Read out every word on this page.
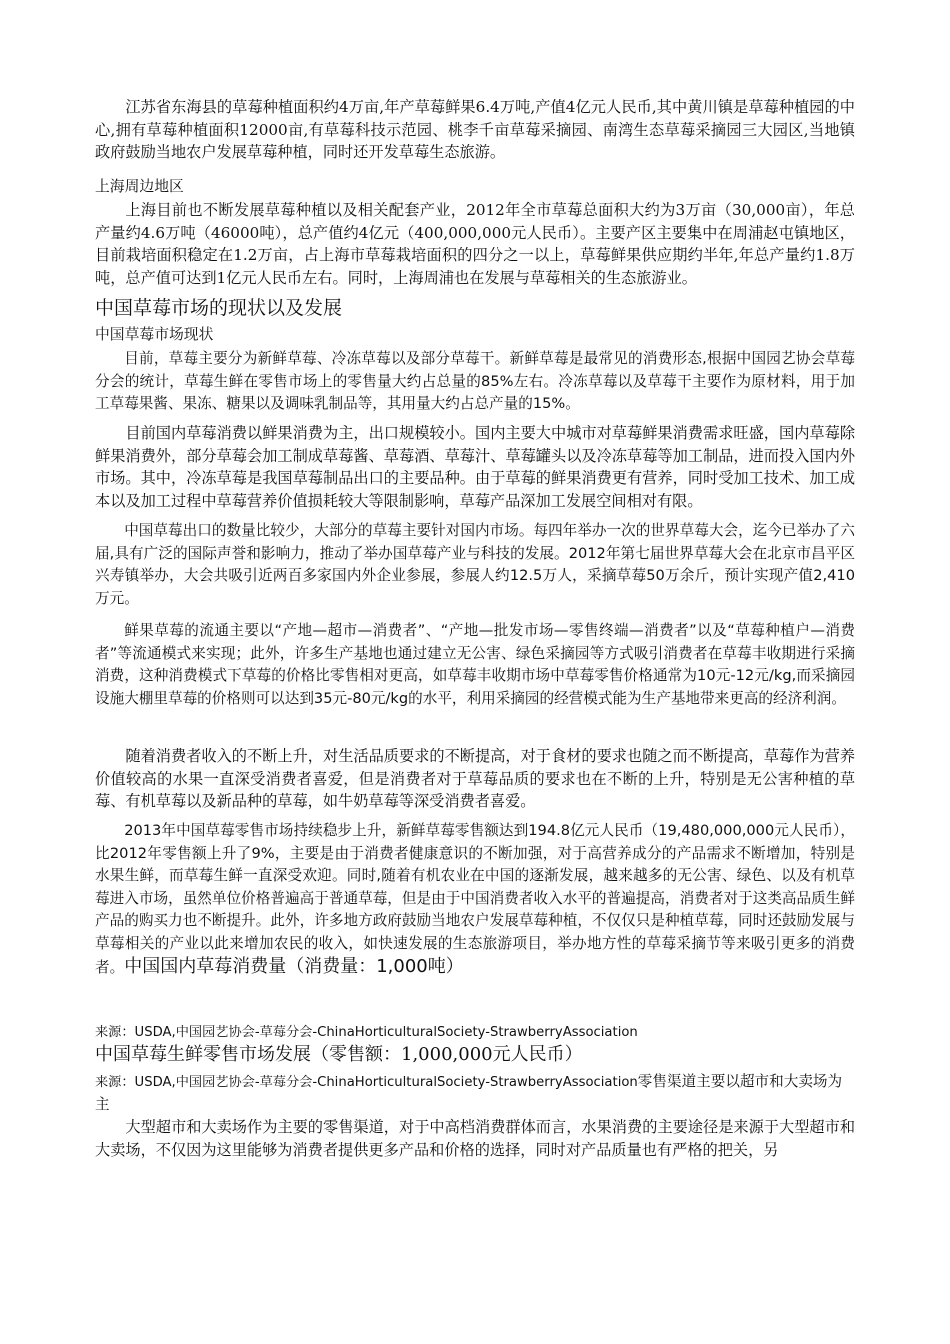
江苏省东海县的草莓种植面积约4万亩,年产草莓鲜果6.4万吨,产值4亿元人民币,其中黄川镇是草莓种植园的中心,拥有草莓种植面积12000亩,有草莓科技示范园、桃李千亩草莓采摘园、南湾生态草莓采摘园三大园区,当地镇政府鼓励当地农户发展草莓种植，同时还开发草莓生态旅游。

上海周边地区

上海目前也不断发展草莓种植以及相关配套产业，2012年全市草莓总面积大约为3万亩（30,000亩），年总产量约4.6万吨（46000吨），总产值约4亿元（400,000,000元人民币）。主要产区主要集中在周浦赵屯镇地区，目前栽培面积稳定在1.2万亩，占上海市草莓栽培面积的四分之一以上，草莓鲜果供应期约半年,年总产量约1.8万吨，总产值可达到1亿元人民币左右。同时，上海周浦也在发展与草莓相关的生态旅游业。

中国草莓市场的现状以及发展

中国草莓市场现状

目前，草莓主要分为新鲜草莓、冷冻草莓以及部分草莓干。新鲜草莓是最常见的消费形态,根据中国园艺协会草莓分会的统计，草莓生鲜在零售市场上的零售量大约占总量的85%左右。冷冻草莓以及草莓干主要作为原材料，用于加工草莓果酱、果冻、糖果以及调味乳制品等，其用量大约占总产量的15%。

目前国内草莓消费以鲜果消费为主，出口规模较小。国内主要大中城市对草莓鲜果消费需求旺盛，国内草莓除鲜果消费外，部分草莓会加工制成草莓酱、草莓酒、草莓汁、草莓罐头以及冷冻草莓等加工制品，进而投入国内外市场。其中，冷冻草莓是我国草莓制品出口的主要品种。由于草莓的鲜果消费更有营养，同时受加工技术、加工成本以及加工过程中草莓营养价值损耗较大等限制影响，草莓产品深加工发展空间相对有限。

中国草莓出口的数量比较少，大部分的草莓主要针对国内市场。每四年举办一次的世界草莓大会，迄今已举办了六届,具有广泛的国际声誉和影响力，推动了举办国草莓产业与科技的发展。2012年第七届世界草莓大会在北京市昌平区兴寿镇举办，大会共吸引近两百多家国内外企业参展，参展人约12.5万人，采摘草莓50万余斤，预计实现产值2,410万元。

鲜果草莓的流通主要以“产地—超市—消费者”、“产地—批发市场—零售终端—消费者”以及“草莓种植户—消费者”等流通模式来实现；此外，许多生产基地也通过建立无公害、绿色采摘园等方式吸引消费者在草莓丰收期进行采摘消费，这种消费模式下草莓的价格比零售相对更高，如草莓丰收期市场中草莓零售价格通常为10元-12元/kg,而采摘园设施大棚里草莓的价格则可以达到35元-80元/kg的水平，利用采摘园的经营模式能为生产基地带来更高的经济利润。

随着消费者收入的不断上升，对生活品质要求的不断提高，对于食材的要求也随之而不断提高，草莓作为营养价值较高的水果一直深受消费者喜爱，但是消费者对于草莓品质的要求也在不断的上升，特别是无公害种植的草莓、有机草莓以及新品种的草莓，如牛奶草莓等深受消费者喜爱。

2013年中国草莓零售市场持续稳步上升，新鲜草莓零售额达到194.8亿元人民币（19,480,000,000元人民币），比2012年零售额上升了9%，主要是由于消费者健康意识的不断加强，对于高营养成分的产品需求不断增加，特别是水果生鲜，而草莓生鲜一直深受欢迎。同时,随着有机农业在中国的逐渐发展，越来越多的无公害、绿色、以及有机草莓进入市场，虽然单位价格普遍高于普通草莓，但是由于中国消费者收入水平的普遍提高，消费者对于这类高品质生鲜产品的购买力也不断提升。此外，许多地方政府鼓励当地农户发展草莓种植，不仅仅只是种植草莓，同时还鼓励发展与草莓相关的产业以此来增加农民的收入，如快速发展的生态旅游项目，举办地方性的草莓采摘节等来吸引更多的消费者。中国国内草莓消费量（消费量：1,000吨）

来源：USDA,中国园艺协会-草莓分会-ChinaHorticulturalSociety-StrawberryAssociation

中国草莓生鲜零售市场发展（零售额：1,000,000元人民币）

来源：USDA,中国园艺协会-草莓分会-ChinaHorticulturalSociety-StrawberryAssociation零售渠道主要以超市和大卖场为主

大型超市和大卖场作为主要的零售渠道，对于中高档消费群体而言，水果消费的主要途径是来源于大型超市和大卖场，不仅因为这里能够为消费者提供更多产品和价格的选择，同时对产品质量也有严格的把关，另
